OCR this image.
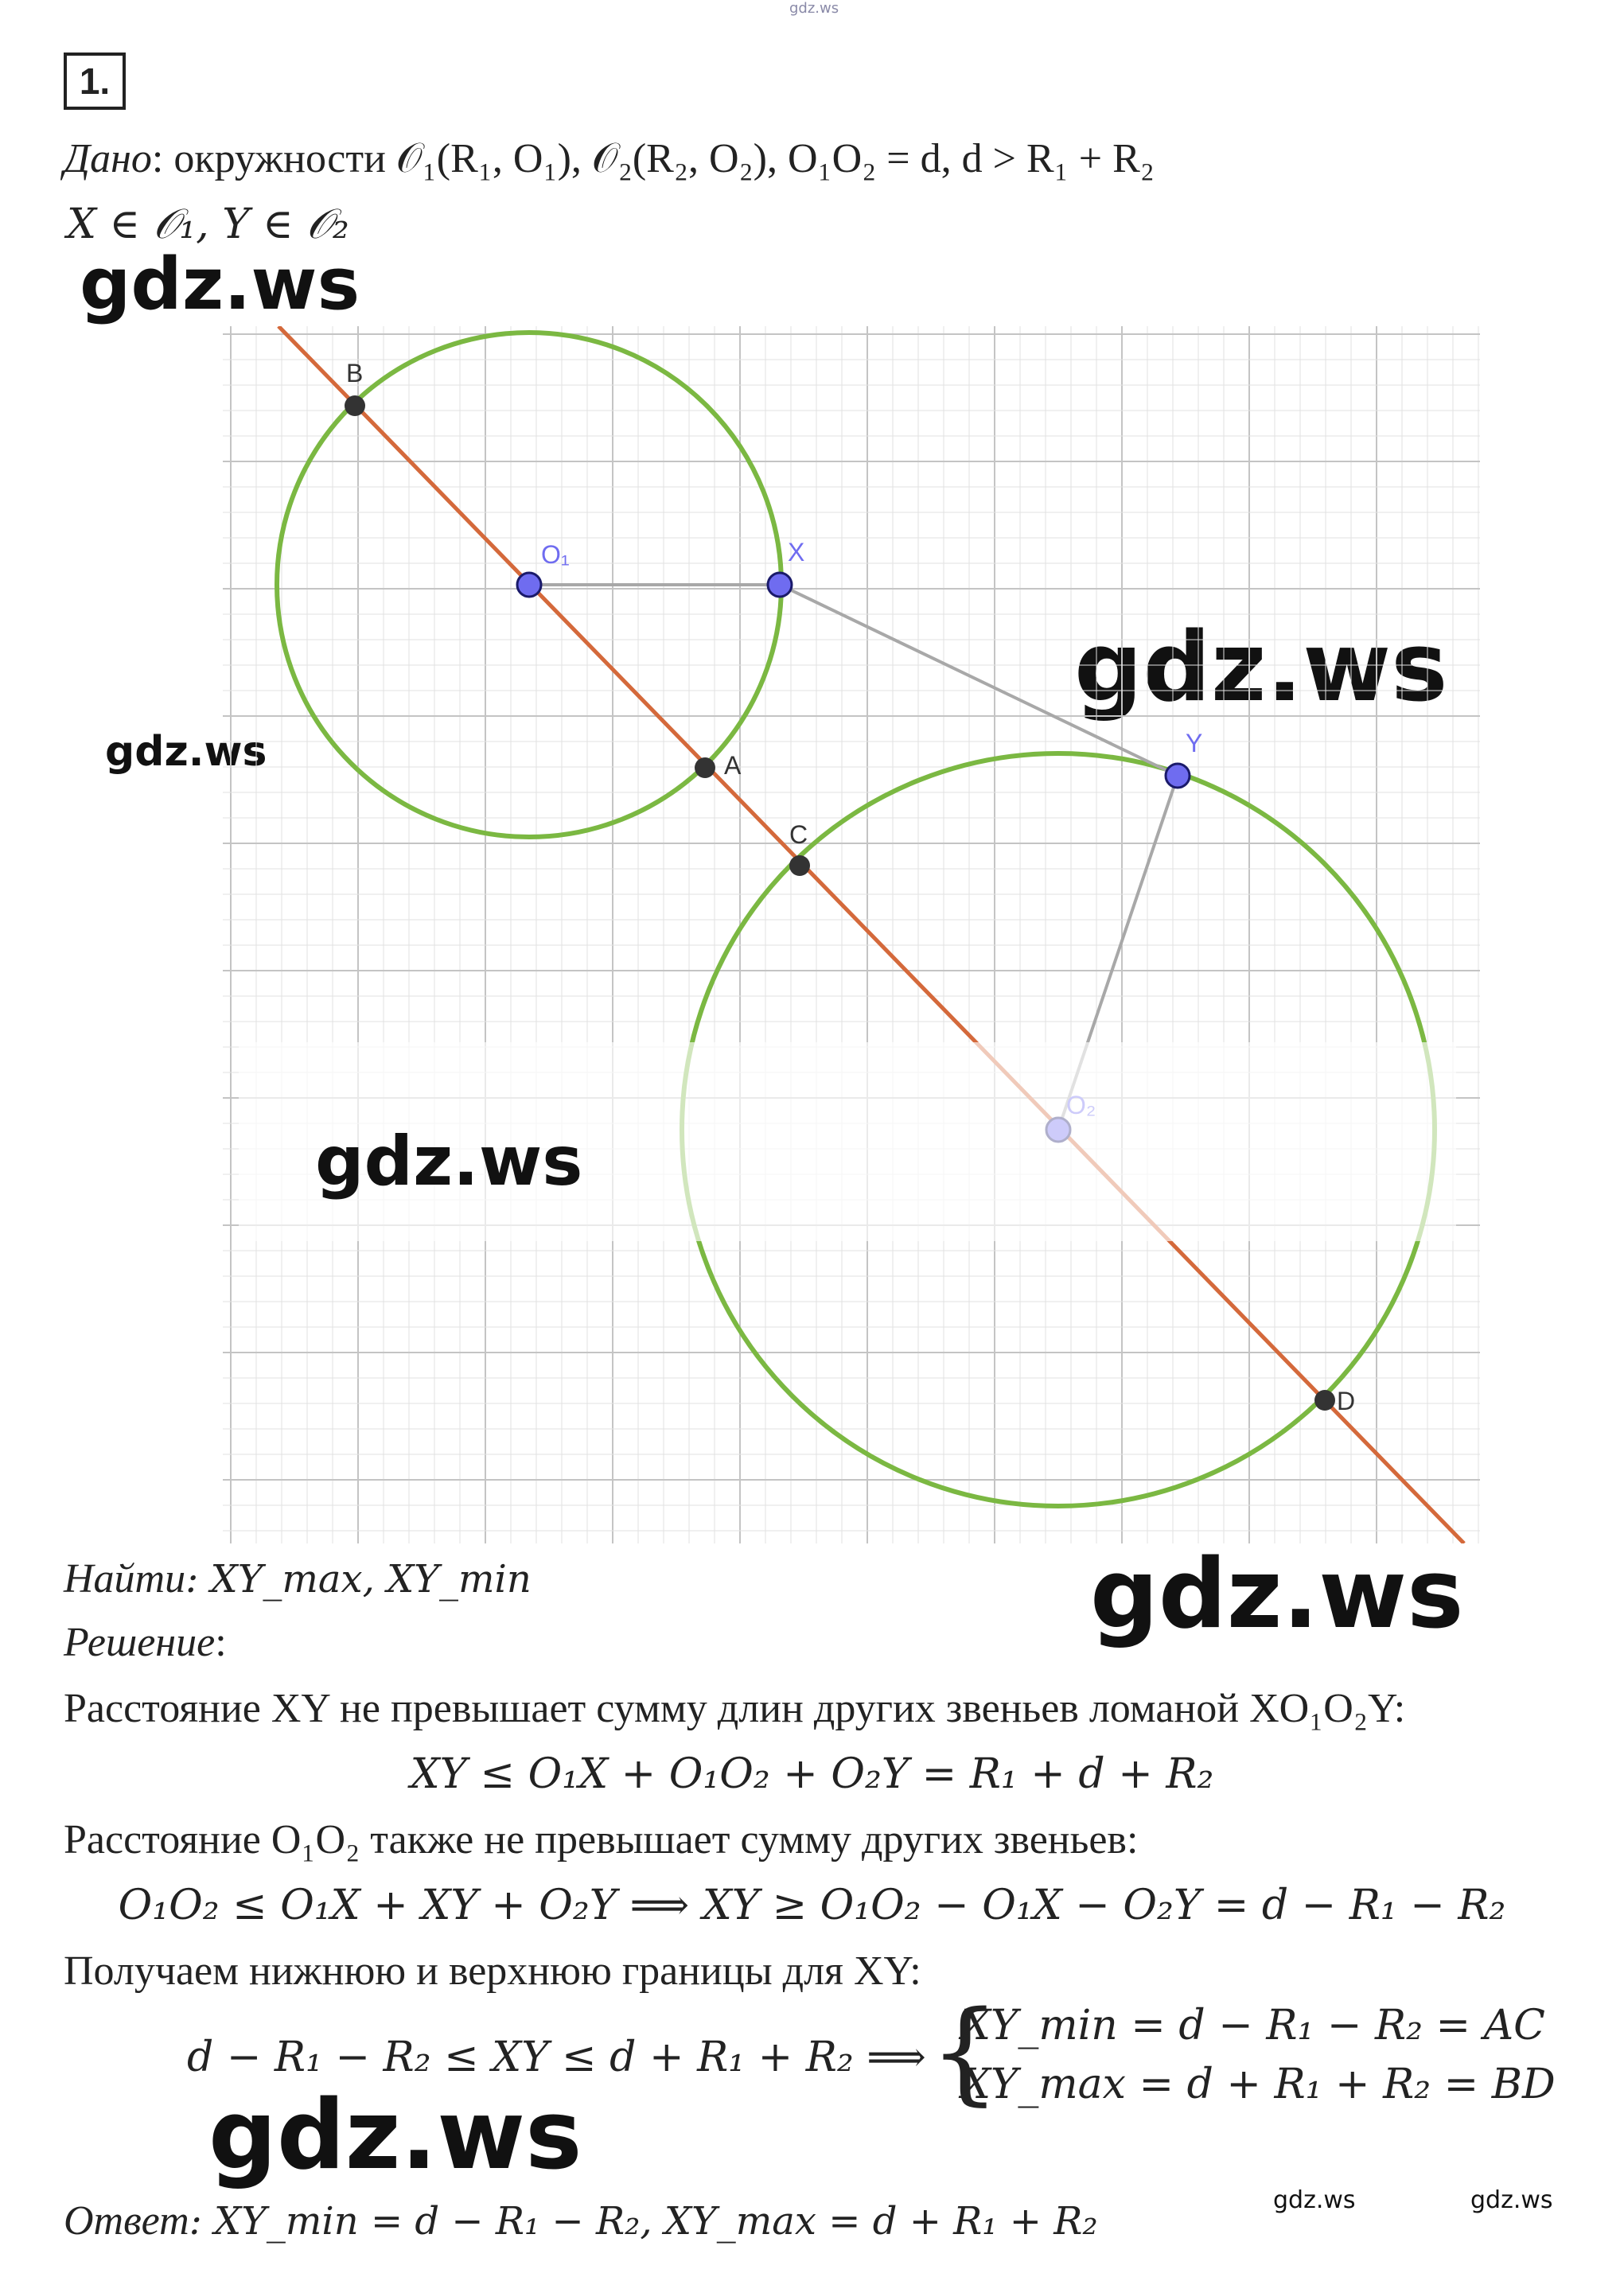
gdz.ws
1.
Дано: окружности 𝒪₁(R₁, O₁), 𝒪₂(R₂, O₂), O₁O₂ = d, d > R₁ + R₂
X ∈ 𝒪₁, Y ∈ 𝒪₂
gdz.ws
gdz.ws
gdz.ws
B
O₁	X
A
C
Y
D
gdz.ws
gdz.ws
Найти: XY_max, XY_min
Решение:
Расстояние XY не превышает сумму длин других звеньев ломаной XO₁O₂Y:
XY ≤ O₁X + O₁O₂ + O₂Y = R₁ + d + R₂
Расстояние O₁O₂ также не превышает сумму других звеньев:
O₁O₂ ≤ O₁X + XY + O₂Y ⟹ XY ≥ O₁O₂ − O₁X − O₂Y = d − R₁ − R₂
Получаем нижнюю и верхнюю границы для XY:
d − R₁ − R₂ ≤ XY ≤ d + R₁ + R₂ ⟹ {
XY_min = d − R₁ − R₂ = AC
XY_max = d + R₁ + R₂ = BD
gdz.ws
Ответ: XY_min = d − R₁ − R₂, XY_max = d + R₁ + R₂	gdz.ws	gdz.ws
